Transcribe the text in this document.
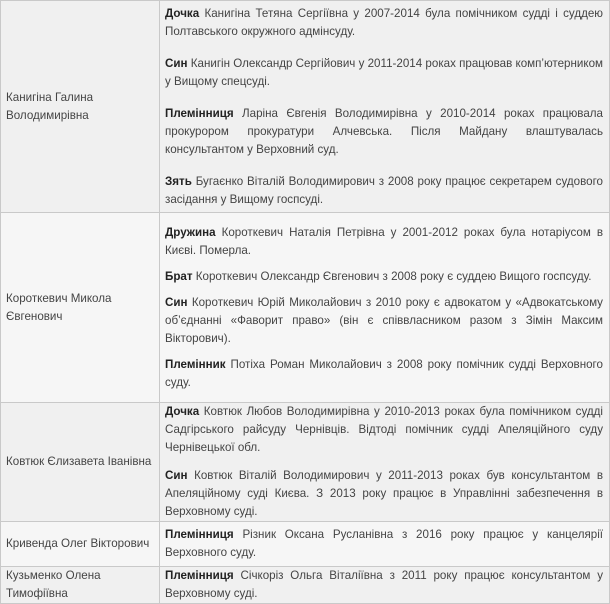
Канигіна Галина Володимирівна	Дочка Канигіна Тетяна Сергіївна у 2007-2014 була помічником судді і суддею Полтавського окружного адмінсуду.

Син Канигін Олександр Сергійович у 2011-2014 роках працював комп’ютерником у Вищому спецсуді.

Племінниця Ларіна Євгенія Володимирівна у 2010-2014 роках працювала прокурором прокуратури Алчевська. Після Майдану влаштувалась консультантом у Верховний суд.

Зять Бугаєнко Віталій Володимирович з 2008 року працює секретарем судового засідання у Вищому госпсуді.

Короткевич Микола Євгенович	Дружина Короткевич Наталія Петрівна у 2001-2012 роках була нотаріусом в Києві. Померла.

Брат Короткевич Олександр Євгенович з 2008 року є суддею Вищого госпсуду.

Син Короткевич Юрій Миколайович з 2010 року є адвокатом у «Адвокатському об’єднанні «Фаворит право» (він є співвласником разом з Зімін Максим Вікторович).

Племінник Потіха Роман Миколайович з 2008 року помічник судді Верховного суду.

Ковтюк Єлизавета Іванівна	Дочка Ковтюк Любов Володимирівна у 2010-2013 роках була помічником судді Садгірського райсуду Чернівців. Відтоді помічник судді Апеляційного суду Чернівецької обл.

Син Ковтюк Віталій Володимирович у 2011-2013 роках був консультантом в Апеляційному суді Києва. З 2013 року працює в Управлінні забезпечення в Верховному суді.

Кривенда Олег Вікторович	Племінниця Різник Оксана Русланівна з 2016 року працює у канцелярії Верховного суду.

Кузьменко Олена Тимофіївна	Племінниця Січкоріз Ольга Віталіївна з 2011 року працює консультантом у Верховному суді.
